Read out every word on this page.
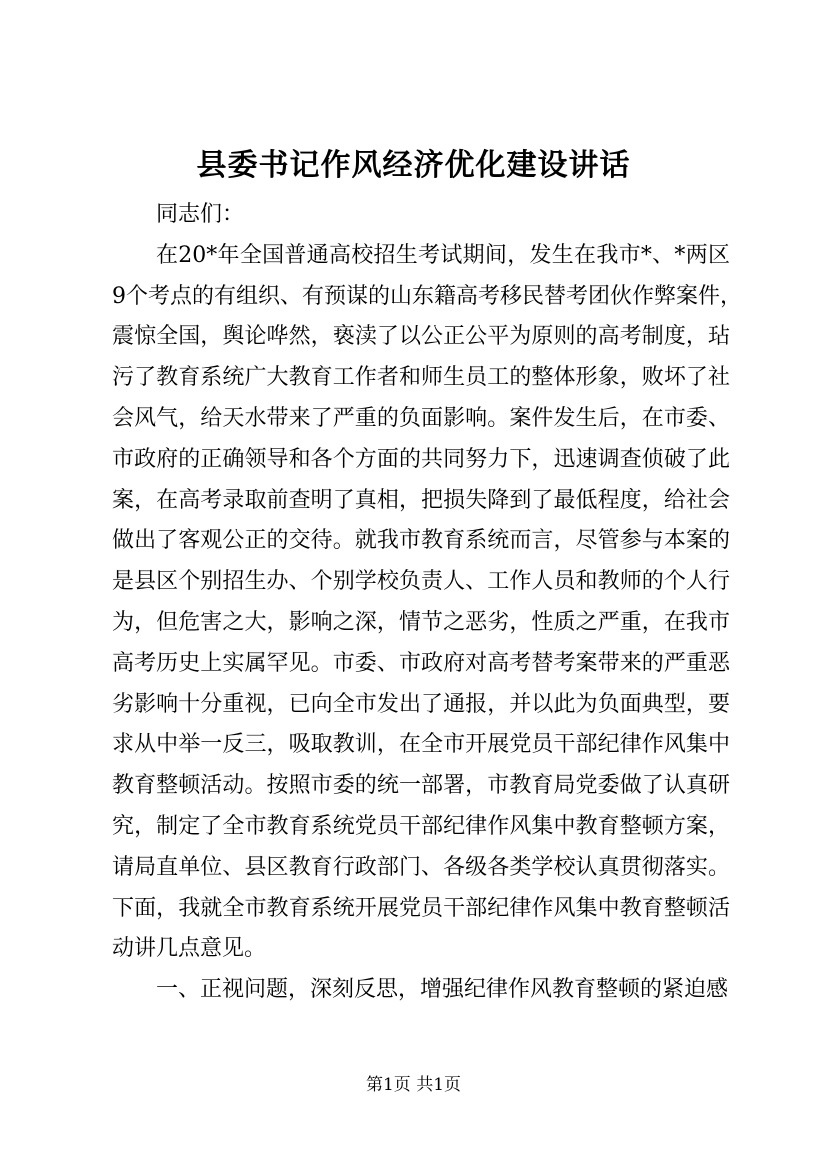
县委书记作风经济优化建设讲话

同志们：

在20*年全国普通高校招生考试期间，发生在我市*、*两区
9个考点的有组织、有预谋的山东籍高考移民替考团伙作弊案件，
震惊全国，舆论哗然，亵渎了以公正公平为原则的高考制度，玷
污了教育系统广大教育工作者和师生员工的整体形象，败坏了社
会风气，给天水带来了严重的负面影响。案件发生后，在市委、
市政府的正确领导和各个方面的共同努力下，迅速调查侦破了此
案，在高考录取前查明了真相，把损失降到了最低程度，给社会
做出了客观公正的交待。就我市教育系统而言，尽管参与本案的
是县区个别招生办、个别学校负责人、工作人员和教师的个人行
为，但危害之大，影响之深，情节之恶劣，性质之严重，在我市
高考历史上实属罕见。市委、市政府对高考替考案带来的严重恶
劣影响十分重视，已向全市发出了通报，并以此为负面典型，要
求从中举一反三，吸取教训，在全市开展党员干部纪律作风集中
教育整顿活动。按照市委的统一部署，市教育局党委做了认真研
究，制定了全市教育系统党员干部纪律作风集中教育整顿方案，
请局直单位、县区教育行政部门、各级各类学校认真贯彻落实。
下面，我就全市教育系统开展党员干部纪律作风集中教育整顿活
动讲几点意见。

一、正视问题，深刻反思，增强纪律作风教育整顿的紧迫感

第1页 共1页
